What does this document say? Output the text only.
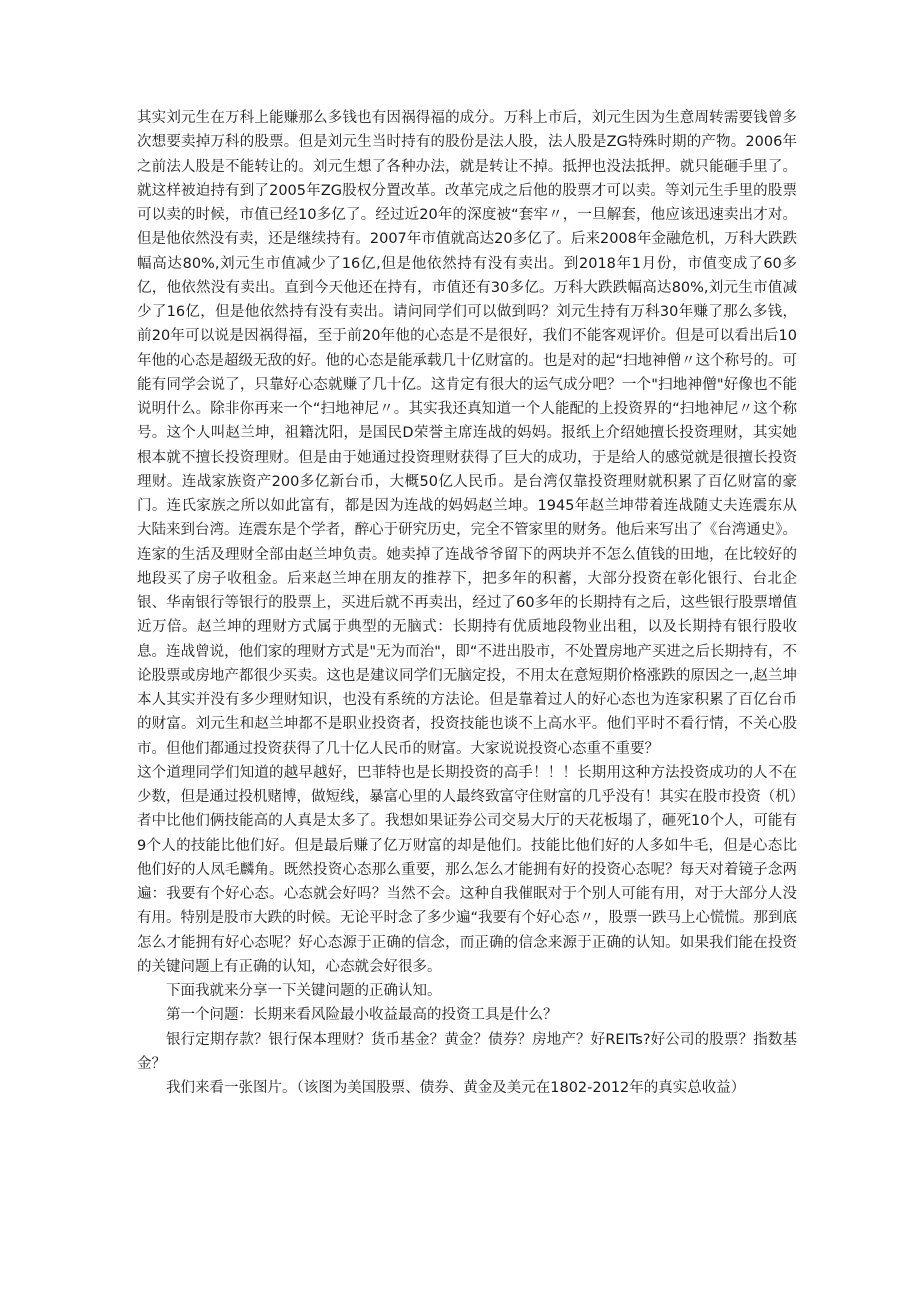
其实刘元生在万科上能赚那么多钱也有因祸得福的成分。万科上市后，刘元生因为生意周转需要钱曾多次想要卖掉万科的股票。但是刘元生当时持有的股份是法人股，法人股是ZG特殊时期的产物。2006年之前法人股是不能转让的。刘元生想了各种办法，就是转让不掉。抵押也没法抵押。就只能砸手里了。就这样被迫持有到了2005年ZG股权分置改革。改革完成之后他的股票才可以卖。等刘元生手里的股票可以卖的时候，市值已经10多亿了。经过近20年的深度被“套牢〃，一旦解套，他应该迅速卖出才对。但是他依然没有卖，还是继续持有。2007年市值就高达20多亿了。后来2008年金融危机，万科大跌跌幅高达80%,刘元生市值减少了16亿,但是他依然持有没有卖出。到2018年1月份，市值变成了60多亿，他依然没有卖出。直到今天他还在持有，市值还有30多亿。万科大跌跌幅高达80%,刘元生市值减少了16亿，但是他依然持有没有卖出。请问同学们可以做到吗？刘元生持有万科30年赚了那么多钱，前20年可以说是因祸得福，至于前20年他的心态是不是很好，我们不能客观评价。但是可以看出后10年他的心态是超级无敌的好。他的心态是能承载几十亿财富的。也是对的起“扫地神僧〃这个称号的。可能有同学会说了，只靠好心态就赚了几十亿。这肯定有很大的运气成分吧？一个"扫地神僧"好像也不能说明什么。除非你再来一个“扫地神尼〃。其实我还真知道一个人能配的上投资界的“扫地神尼〃这个称号。这个人叫赵兰坤，祖籍沈阳，是国民D荣誉主席连战的妈妈。报纸上介绍她擅长投资理财，其实她根本就不擅长投资理财。但是由于她通过投资理财获得了巨大的成功，于是给人的感觉就是很擅长投资理财。连战家族资产200多亿新台币，大概50亿人民币。是台湾仅靠投资理财就积累了百亿财富的豪门。连氏家族之所以如此富有，都是因为连战的妈妈赵兰坤。1945年赵兰坤带着连战随丈夫连震东从大陆来到台湾。连震东是个学者，醉心于研究历史，完全不管家里的财务。他后来写出了《台湾通史》。连家的生活及理财全部由赵兰坤负责。她卖掉了连战爷爷留下的两块并不怎么值钱的田地，在比较好的地段买了房子收租金。后来赵兰坤在朋友的推荐下，把多年的积蓄，大部分投资在彰化银行、台北企银、华南银行等银行的股票上，买进后就不再卖出，经过了60多年的长期持有之后，这些银行股票增值近万倍。赵兰坤的理财方式属于典型的无脑式：长期持有优质地段物业出租，以及长期持有银行股收息。连战曾说，他们家的理财方式是"无为而治"，即“不进出股市，不处置房地产买进之后长期持有，不论股票或房地产都很少买卖。这也是建议同学们无脑定投，不用太在意短期价格涨跌的原因之一,赵兰坤本人其实并没有多少理财知识，也没有系统的方法论。但是靠着过人的好心态也为连家积累了百亿台币的财富。刘元生和赵兰坤都不是职业投资者，投资技能也谈不上高水平。他们平时不看行情，不关心股市。但他们都通过投资获得了几十亿人民币的财富。大家说说投资心态重不重要？

这个道理同学们知道的越早越好，巴菲特也是长期投资的高手！！！长期用这种方法投资成功的人不在少数，但是通过投机赌博，做短线，暴富心里的人最终致富守住财富的几乎没有！其实在股市投资（机）者中比他们俩技能高的人真是太多了。我想如果证券公司交易大厅的天花板塌了，砸死10个人，可能有9个人的技能比他们好。但是最后赚了亿万财富的却是他们。技能比他们好的人多如牛毛，但是心态比他们好的人凤毛麟角。既然投资心态那么重要，那么怎么才能拥有好的投资心态呢？每天对着镜子念两遍：我要有个好心态。心态就会好吗？当然不会。这种自我催眠对于个别人可能有用，对于大部分人没有用。特别是股市大跌的时候。无论平时念了多少遍“我要有个好心态〃，股票一跌马上心慌慌。那到底怎么才能拥有好心态呢？好心态源于正确的信念，而正确的信念来源于正确的认知。如果我们能在投资的关键问题上有正确的认知，心态就会好很多。

下面我就来分享一下关键问题的正确认知。

第一个问题：长期来看风险最小收益最高的投资工具是什么？

银行定期存款？银行保本理财？货币基金？黄金？债券？房地产？好REITs?好公司的股票？指数基金？

我们来看一张图片。（该图为美国股票、债券、黄金及美元在1802-2012年的真实总收益）
